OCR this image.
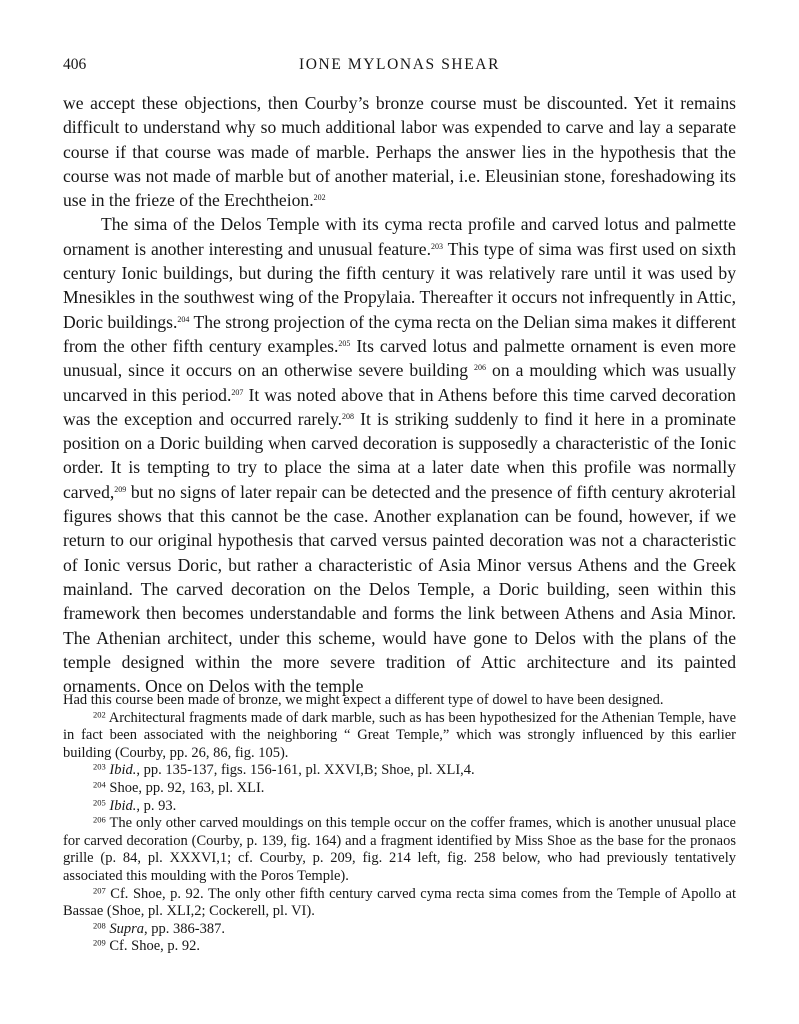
406	IONE MYLONAS SHEAR

we accept these objections, then Courby’s bronze course must be discounted. Yet it remains difficult to understand why so much additional labor was expended to carve and lay a separate course if that course was made of marble. Perhaps the answer lies in the hypothesis that the course was not made of marble but of another material, i.e. Eleusinian stone, foreshadowing its use in the frieze of the Erechtheion.$^{202}$

The sima of the Delos Temple with its cyma recta profile and carved lotus and palmette ornament is another interesting and unusual feature.$^{203}$ This type of sima was first used on sixth century Ionic buildings, but during the fifth century it was relatively rare until it was used by Mnesikles in the southwest wing of the Propylaia. Thereafter it occurs not infrequently in Attic, Doric buildings.$^{204}$ The strong projection of the cyma recta on the Delian sima makes it different from the other fifth century examples.$^{205}$ Its carved lotus and palmette ornament is even more unusual, since it occurs on an otherwise severe building $^{206}$ on a moulding which was usually uncarved in this period.$^{207}$ It was noted above that in Athens before this time carved decoration was the exception and occurred rarely.$^{208}$ It is striking suddenly to find it here in a prominate position on a Doric building when carved decoration is supposedly a characteristic of the Ionic order. It is tempting to try to place the sima at a later date when this profile was normally carved,$^{209}$ but no signs of later repair can be detected and the presence of fifth century akroterial figures shows that this cannot be the case. Another explanation can be found, however, if we return to our original hypothesis that carved versus painted decoration was not a characteristic of Ionic versus Doric, but rather a characteristic of Asia Minor versus Athens and the Greek mainland. The carved decoration on the Delos Temple, a Doric building, seen within this framework then becomes understandable and forms the link between Athens and Asia Minor. The Athenian architect, under this scheme, would have gone to Delos with the plans of the temple designed within the more severe tradition of Attic architecture and its painted ornaments. Once on Delos with the temple

Had this course been made of bronze, we might expect a different type of dowel to have been designed.

$^{202}$ Architectural fragments made of dark marble, such as has been hypothesized for the Athenian Temple, have in fact been associated with the neighboring “ Great Temple,” which was strongly influenced by this earlier building (Courby, pp. 26, 86, fig. 105).

$^{203}$ Ibid., pp. 135-137, figs. 156-161, pl. XXVI,B; Shoe, pl. XLI,4.

$^{204}$ Shoe, pp. 92, 163, pl. XLI.

$^{205}$ Ibid., p. 93.

$^{206}$ The only other carved mouldings on this temple occur on the coffer frames, which is another unusual place for carved decoration (Courby, p. 139, fig. 164) and a fragment identified by Miss Shoe as the base for the pronaos grille (p. 84, pl. XXXVI,1; cf. Courby, p. 209, fig. 214 left, fig. 258 below, who had previously tentatively associated this moulding with the Poros Temple).

$^{207}$ Cf. Shoe, p. 92. The only other fifth century carved cyma recta sima comes from the Temple of Apollo at Bassae (Shoe, pl. XLI,2; Cockerell, pl. VI).

$^{208}$ Supra, pp. 386-387.

$^{209}$ Cf. Shoe, p. 92.
